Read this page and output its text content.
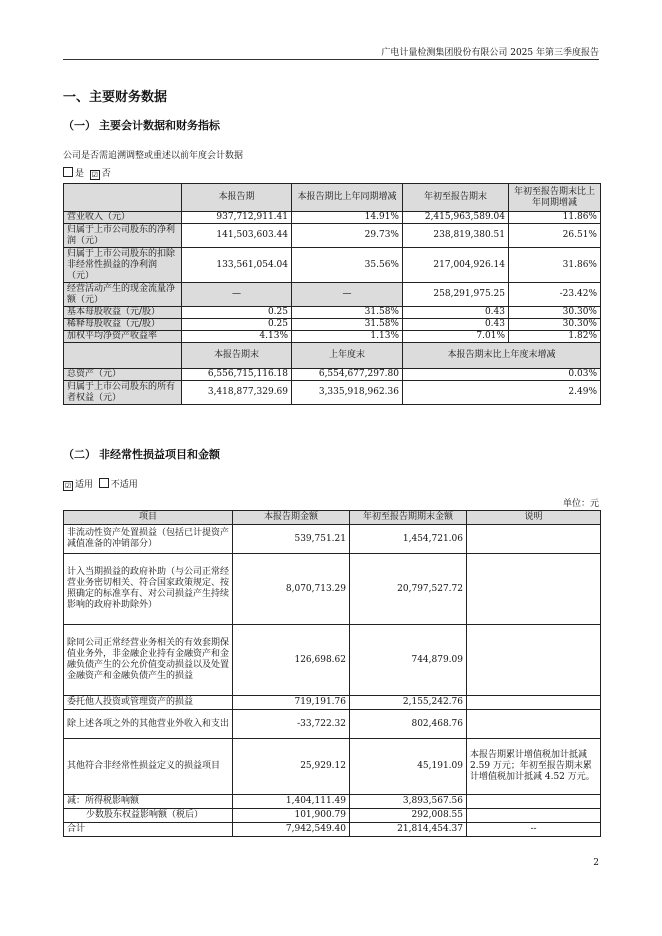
广电计量检测集团股份有限公司 2025 年第三季度报告
一、主要财务数据
（一） 主要会计数据和财务指标
公司是否需追溯调整或重述以前年度会计数据
是 ☑ 否
	本报告期	本报告期比上年同期增减	年初至报告期末	年初至报告期末比上年同期增减
营业收入（元）	937,712,911.41	14.91%	2,415,963,589.04	11.86%
归属于上市公司股东的净利润（元）	141,503,603.44	29.73%	238,819,380.51	26.51%
归属于上市公司股东的扣除非经常性损益的净利润（元）	133,561,054.04	35.56%	217,004,926.14	31.86%
经营活动产生的现金流量净额（元）	—	—	258,291,975.25	-23.42%
基本每股收益（元/股）	0.25	31.58%	0.43	30.30%
稀释每股收益（元/股）	0.25	31.58%	0.43	30.30%
加权平均净资产收益率	4.13%	1.13%	7.01%	1.82%
	本报告期末	上年度末	本报告期末比上年度末增减	
总资产（元）	6,556,715,116.18	6,554,677,297.80	0.03%	
归属于上市公司股东的所有者权益（元）	3,418,877,329.69	3,335,918,962.36	2.49%	
（二） 非经常性损益项目和金额
☑ 适用 不适用
单位：元
项目	本报告期金额	年初至报告期期末金额	说明
非流动性资产处置损益（包括已计提资产减值准备的冲销部分）	539,751.21	1,454,721.06	
计入当期损益的政府补助（与公司正常经营业务密切相关、符合国家政策规定、按照确定的标准享有、对公司损益产生持续影响的政府补助除外）	8,070,713.29	20,797,527.72	
除同公司正常经营业务相关的有效套期保值业务外，非金融企业持有金融资产和金融负债产生的公允价值变动损益以及处置金融资产和金融负债产生的损益	126,698.62	744,879.09	
委托他人投资或管理资产的损益	719,191.76	2,155,242.76	
除上述各项之外的其他营业外收入和支出	-33,722.32	802,468.76	
其他符合非经常性损益定义的损益项目	25,929.12	45,191.09	本报告期累计增值税加计抵减 2.59 万元；年初至报告期末累计增值税加计抵减 4.52 万元。
减：所得税影响额	1,404,111.49	3,893,567.56	
少数股东权益影响额（税后）	101,900.79	292,008.55	
合计	7,942,549.40	21,814,454.37	--
2
